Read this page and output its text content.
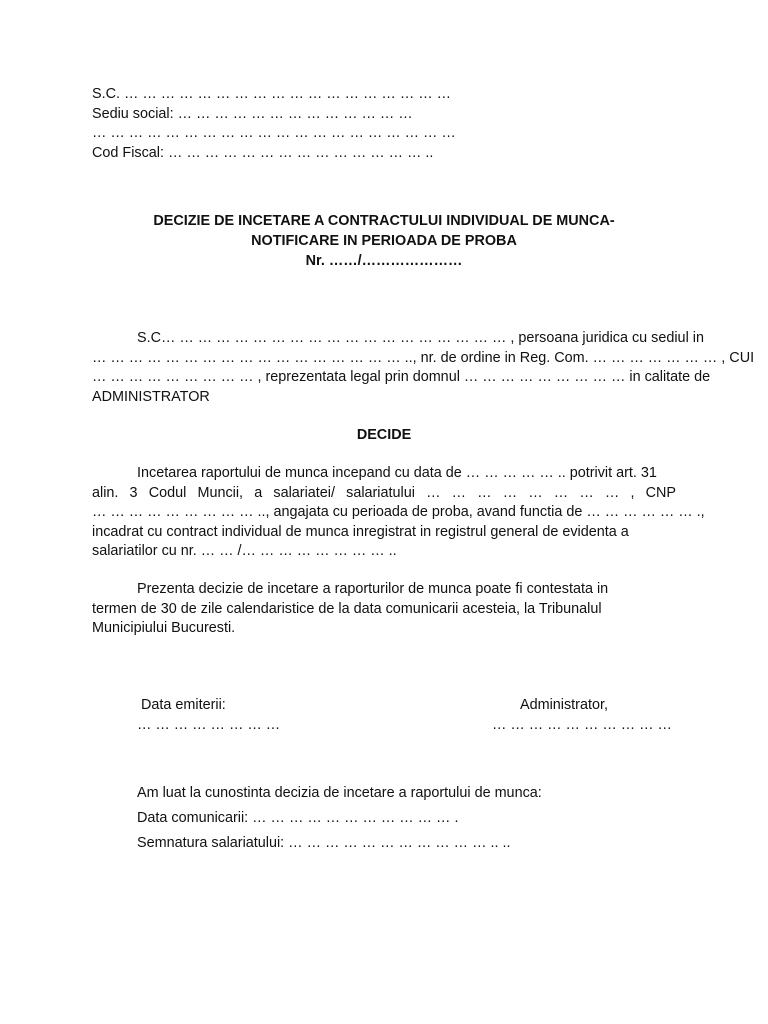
S.C. … … … … … … … … … … … … … … … … … …
Sediu social: … … … … … … … … … … … … …
… … … … … … … … … … … … … … … … … … … …
Cod Fiscal: … … … … … … … … … … … … … … ..
DECIZIE DE INCETARE A CONTRACTULUI INDIVIDUAL DE MUNCA-
NOTIFICARE IN PERIOADA DE PROBA
Nr. ……/…………………
S.C… … … … … … … … … … … … … … … … … … … , persoana juridica cu sediul in
… … … … … … … … … … … … … … … … … .., nr. de ordine in Reg. Com. … … … … … … … , CUI
… … … … … … … … … , reprezentata legal prin domnul … … … … … … … … … in calitate de
ADMINISTRATOR
DECIDE
Incetarea raportului de munca incepand cu data de … … … … … .. potrivit art. 31
alin. 3 Codul Muncii, a salariatei/ salariatului … … … … … … … … , CNP
… … … … … … … … … .., angajata cu perioada de proba, avand functia de … … … … … … .,
incadrat cu contract individual de munca inregistrat in registrul general de evidenta a
salariatilor cu nr. … … /… … … … … … … … ..
Prezenta decizie de incetare a raporturilor de munca poate fi contestata in
termen de 30 de zile calendaristice de la data comunicarii acesteia, la Tribunalul
Municipiului Bucuresti.
Data emiterii:
… … … … … … … …
Administrator,
… … … … … … … … … …
Am luat la cunostinta decizia de incetare a raportului de munca:
Data comunicarii: … … … … … … … … … … … .
Semnatura salariatului: … … … … … … … … … … … .. ..
